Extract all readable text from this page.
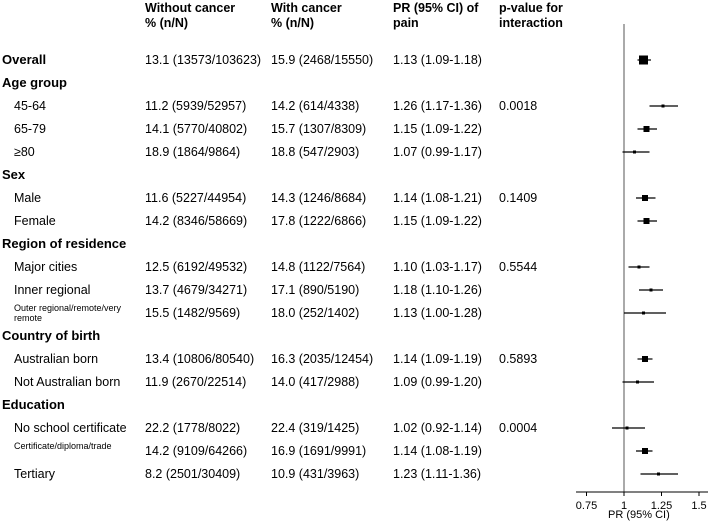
Without cancer
% (n/N)
With cancer
% (n/N)
PR (95% CI) of
pain
p-value for
interaction
Overall	13.1 (13573/103623) 15.9 (2468/15550) 1.13 (1.09-1.18)
Age group
45-64	11.2 (5939/52957) 14.2 (614/4338)	1.26 (1.17-1.36) 0.0018
65-79	14.1 (5770/40802) 15.7 (1307/8309) 1.15 (1.09-1.22)
≥80	18.9 (1864/9864) 18.8 (547/2903)	1.07 (0.99-1.17)
Sex
Male	11.6 (5227/44954) 14.3 (1246/8684) 1.14 (1.08-1.21) 0.1409
Female	14.2 (8346/58669) 17.8 (1222/6866) 1.15 (1.09-1.22)
Region of residence
Major cities	12.5 (6192/49532) 14.8 (1122/7564) 1.10 (1.03-1.17) 0.5544
Inner regional	13.7 (4679/34271) 17.1 (890/5190)	1.18 (1.10-1.26)
Outer regional/remote/very remote	15.5 (1482/9569) 18.0 (252/1402)	1.13 (1.00-1.28)
Country of birth
Australian born	13.4 (10806/80540) 16.3 (2035/12454) 1.14 (1.09-1.19) 0.5893
Not Australian born 11.9 (2670/22514) 14.0 (417/2988)	1.09 (0.99-1.20)
Education
No school certificate 22.2 (1778/8022) 22.4 (319/1425)	1.02 (0.92-1.14) 0.0004
Certificate/diploma/trade	14.2 (9109/64266) 16.9 (1691/9991) 1.14 (1.08-1.19)
Tertiary	8.2 (2501/30409) 10.9 (431/3963)	1.23 (1.11-1.36)
0.75 1 1.25 1.5
PR (95% CI)
